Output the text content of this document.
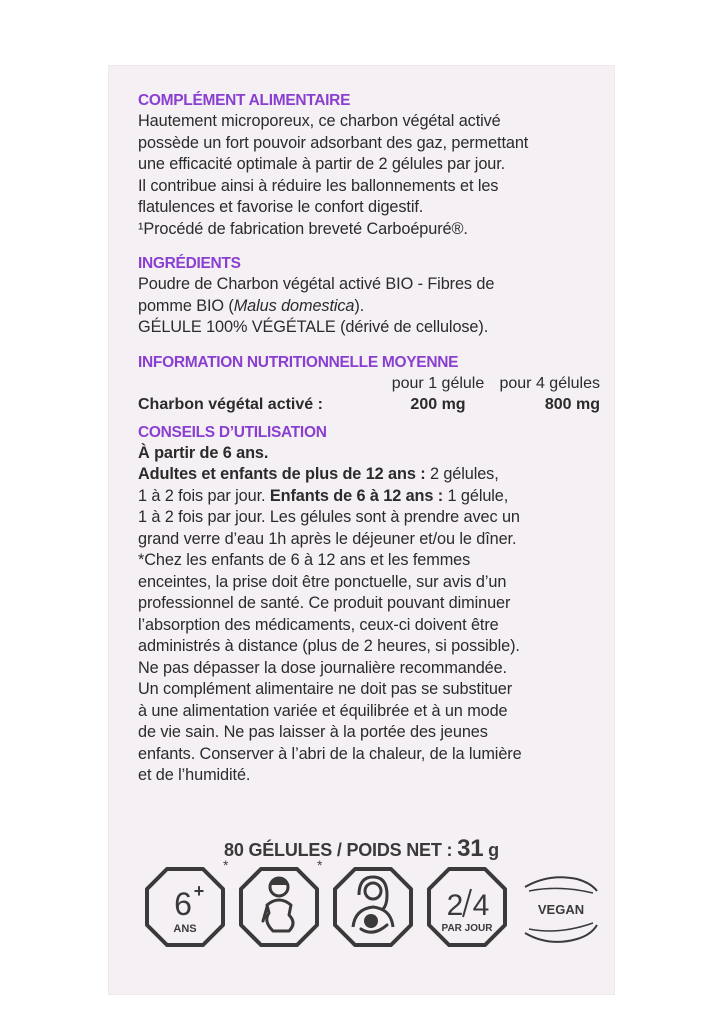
COMPLÉMENT ALIMENTAIRE

Hautement microporeux, ce charbon végétal activé

possède un fort pouvoir adsorbant des gaz, permettant

une efficacité optimale à partir de 2 gélules par jour.

Il contribue ainsi à réduire les ballonnements et les

flatulences et favorise le confort digestif.

¹Procédé de fabrication breveté Carboépuré®.

INGRÉDIENTS

Poudre de Charbon végétal activé BIO - Fibres de

pomme BIO (Malus domestica).

GÉLULE 100% VÉGÉTALE (dérivé de cellulose).

INFORMATION NUTRITIONNELLE MOYENNE

pour 1 gélule pour 4 gélules
Charbon végétal activé :	200 mg	800 mg

CONSEILS D’UTILISATION

À partir de 6 ans.

Adultes et enfants de plus de 12 ans : 2 gélules,

1 à 2 fois par jour. Enfants de 6 à 12 ans : 1 gélule,

1 à 2 fois par jour. Les gélules sont à prendre avec un

grand verre d’eau 1h après le déjeuner et/ou le dîner.

*Chez les enfants de 6 à 12 ans et les femmes

enceintes, la prise doit être ponctuelle, sur avis d’un

professionnel de santé. Ce produit pouvant diminuer

l’absorption des médicaments, ceux-ci doivent être

administrés à distance (plus de 2 heures, si possible).

Ne pas dépasser la dose journalière recommandée.

Un complément alimentaire ne doit pas se substituer

à une alimentation variée et équilibrée et à un mode

de vie sain. Ne pas laisser à la portée des jeunes

enfants. Conserver à l’abri de la chaleur, de la lumière

et de l’humidité.

80 GÉLULES / POIDS NET : 31 g
6 +
ANS
*	*
2 4
PAR JOUR
VEGAN
